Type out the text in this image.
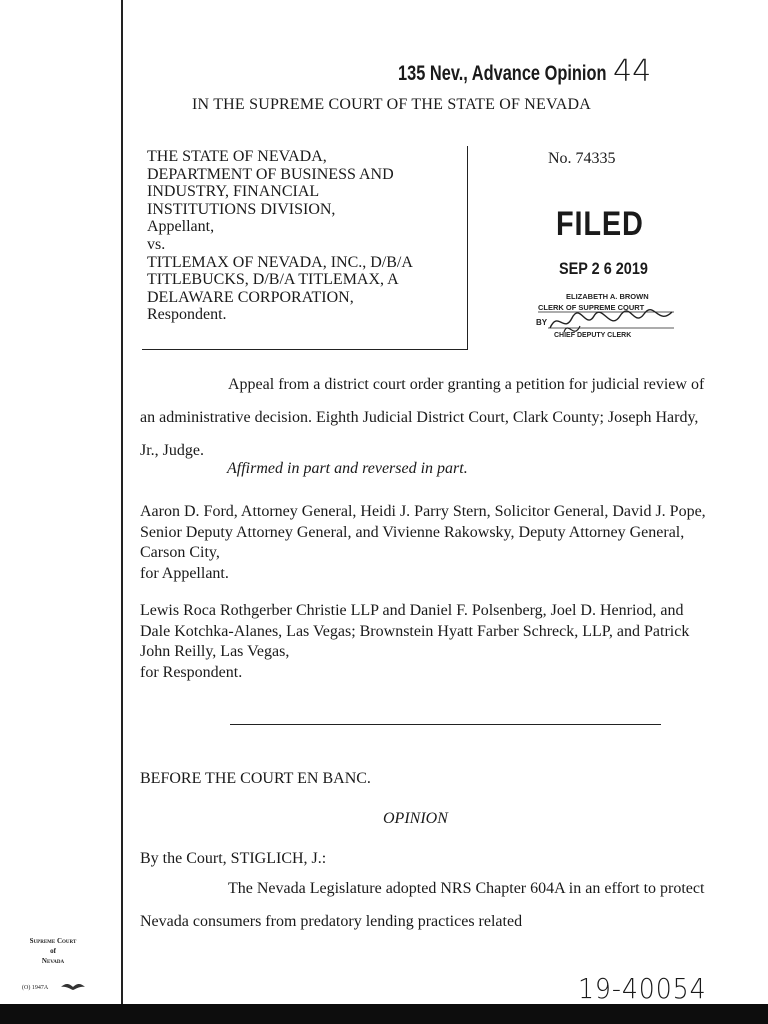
135 Nev., Advance Opinion 44
IN THE SUPREME COURT OF THE STATE OF NEVADA
THE STATE OF NEVADA,
DEPARTMENT OF BUSINESS AND
INDUSTRY, FINANCIAL
INSTITUTIONS DIVISION,
Appellant,
vs.
TITLEMAX OF NEVADA, INC., D/B/A
TITLEBUCKS, D/B/A TITLEMAX, A
DELAWARE CORPORATION,
Respondent.
No. 74335
FILED
SEP 2 6 2019
ELIZABETH A. BROWN
CLERK OF SUPREME COURT
BY
CHIEF DEPUTY CLERK
Appeal from a district court order granting a petition for judicial review of an administrative decision. Eighth Judicial District Court, Clark County; Joseph Hardy, Jr., Judge.
Affirmed in part and reversed in part.
Aaron D. Ford, Attorney General, Heidi J. Parry Stern, Solicitor General, David J. Pope, Senior Deputy Attorney General, and Vivienne Rakowsky, Deputy Attorney General, Carson City,
for Appellant.
Lewis Roca Rothgerber Christie LLP and Daniel F. Polsenberg, Joel D. Henriod, and Dale Kotchka-Alanes, Las Vegas; Brownstein Hyatt Farber Schreck, LLP, and Patrick John Reilly, Las Vegas,
for Respondent.
BEFORE THE COURT EN BANC.
OPINION
By the Court, STIGLICH, J.:
The Nevada Legislature adopted NRS Chapter 604A in an effort to protect Nevada consumers from predatory lending practices related
Supreme Court
of
Nevada
(O) 1947A	19-40054
